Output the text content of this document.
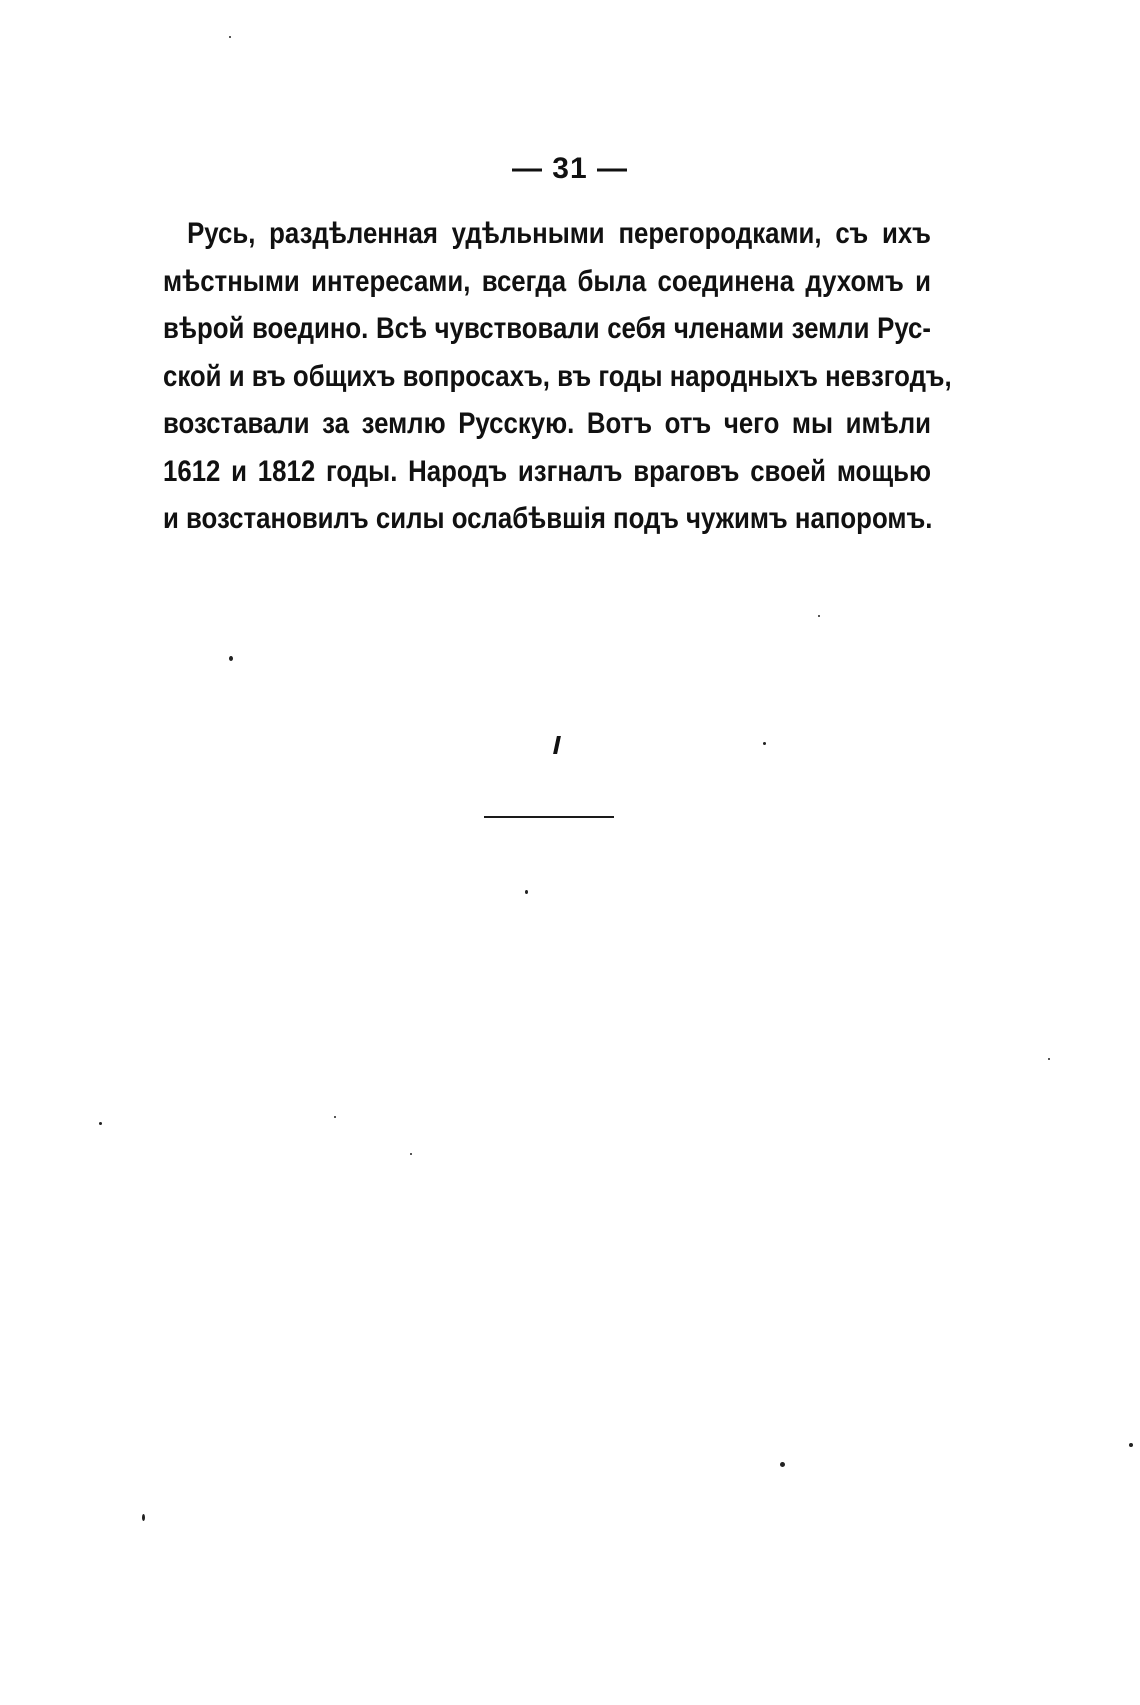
— 31 —
Русь, раздѣленная удѣльными перегородками, съ ихъ
мѣстными интересами, всегда была соединена духомъ и
вѣрой воедино. Всѣ чувствовали себя членами земли Рус-
ской и въ общихъ вопросахъ, въ годы народныхъ невзгодъ,
возставали за землю Русскую. Вотъ отъ чего мы имѣли
1612 и 1812 годы. Народъ изгналъ враговъ своей мощью
и возстановилъ силы ослабѣвшія подъ чужимъ напоромъ.
